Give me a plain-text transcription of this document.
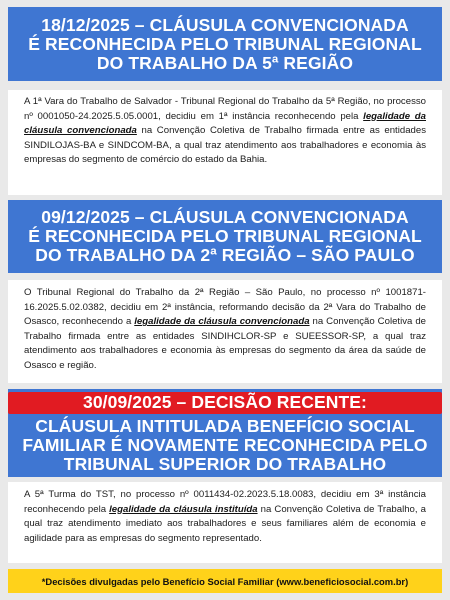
18/12/2025 – CLÁUSULA CONVENCIONADA
É RECONHECIDA PELO TRIBUNAL REGIONAL
DO TRABALHO DA 5ª REGIÃO

A 1ª Vara do Trabalho de Salvador - Tribunal Regional do Trabalho da 5ª Região, no processo nº 0001050-24.2025.5.05.0001, decidiu em 1ª instância reconhecendo pela legalidade da cláusula convencionada na Convenção Coletiva de Trabalho firmada entre as entidades SINDILOJAS-BA e SINDCOM-BA, a qual traz atendimento aos trabalhadores e economia às empresas do segmento de comércio do estado da Bahia.

09/12/2025 – CLÁUSULA CONVENCIONADA
É RECONHECIDA PELO TRIBUNAL REGIONAL
DO TRABALHO DA 2ª REGIÃO – SÃO PAULO

O Tribunal Regional do Trabalho da 2ª Região – São Paulo, no processo nº 1001871-16.2025.5.02.0382, decidiu em 2ª instância, reformando decisão da 2ª Vara do Trabalho de Osasco, reconhecendo a legalidade da cláusula convencionada na Convenção Coletiva de Trabalho firmada entre as entidades SINDIHCLOR-SP e SUEESSOR-SP, a qual traz atendimento aos trabalhadores e economia às empresas do segmento da área da saúde de Osasco e região.

30/09/2025 – DECISÃO RECENTE:
CLÁUSULA INTITULADA BENEFÍCIO SOCIAL
FAMILIAR É NOVAMENTE RECONHECIDA PELO
TRIBUNAL SUPERIOR DO TRABALHO

A 5ª Turma do TST, no processo nº 0011434-02.2023.5.18.0083, decidiu em 3ª instância reconhecendo pela legalidade da cláusula instituída na Convenção Coletiva de Trabalho, a qual traz atendimento imediato aos trabalhadores e seus familiares além de economia e agilidade para as empresas do segmento representado.

*Decisões divulgadas pelo Benefício Social Familiar (www.beneficiosocial.com.br)
